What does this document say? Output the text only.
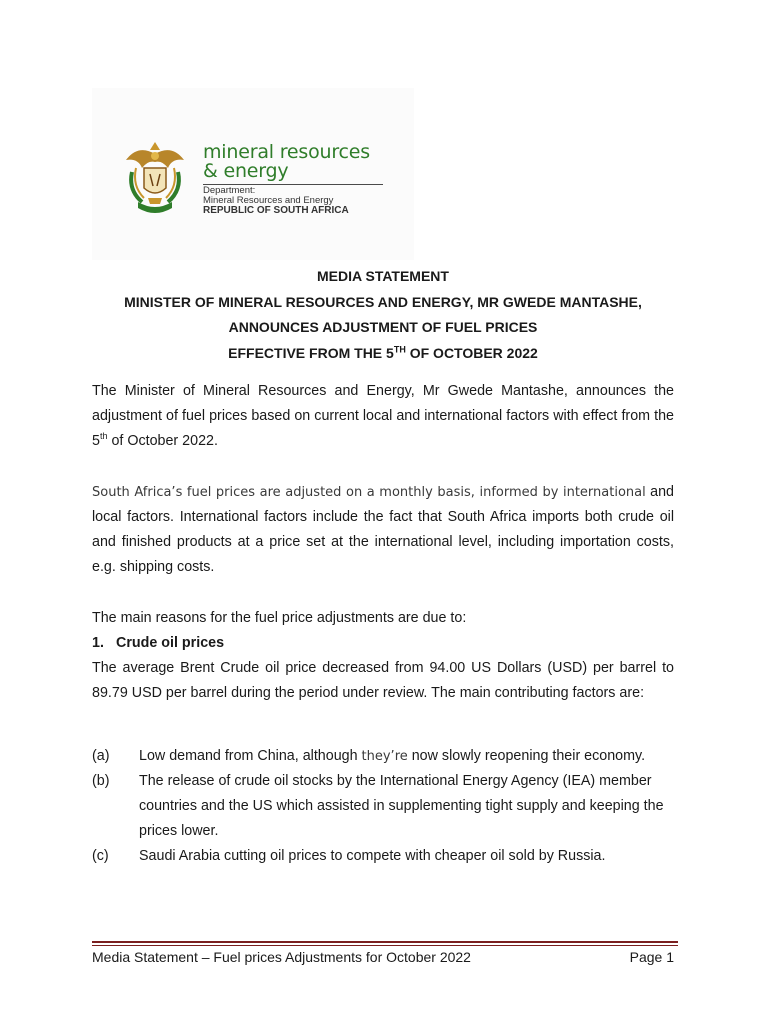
mineral resources
& energy
Department:
Mineral Resources and Energy
REPUBLIC OF SOUTH AFRICA
MEDIA STATEMENT
MINISTER OF MINERAL RESOURCES AND ENERGY, MR GWEDE MANTASHE,
ANNOUNCES ADJUSTMENT OF FUEL PRICES
EFFECTIVE FROM THE 5TH OF OCTOBER 2022
The Minister of Mineral Resources and Energy, Mr Gwede Mantashe, announces the adjustment of fuel prices based on current local and international factors with effect from the 5th of October 2022.
South Africa’s fuel prices are adjusted on a monthly basis, informed by international and local factors. International factors include the fact that South Africa imports both crude oil and finished products at a price set at the international level, including importation costs, e.g. shipping costs.
The main reasons for the fuel price adjustments are due to:
1. Crude oil prices
The average Brent Crude oil price decreased from 94.00 US Dollars (USD) per barrel to 89.79 USD per barrel during the period under review. The main contributing factors are:
(a)	Low demand from China, although they’re now slowly reopening their economy.
(b)	The release of crude oil stocks by the International Energy Agency (IEA) member countries and the US which assisted in supplementing tight supply and keeping the prices lower.
(c)	Saudi Arabia cutting oil prices to compete with cheaper oil sold by Russia.
Media Statement – Fuel prices Adjustments for October 2022	Page 1
